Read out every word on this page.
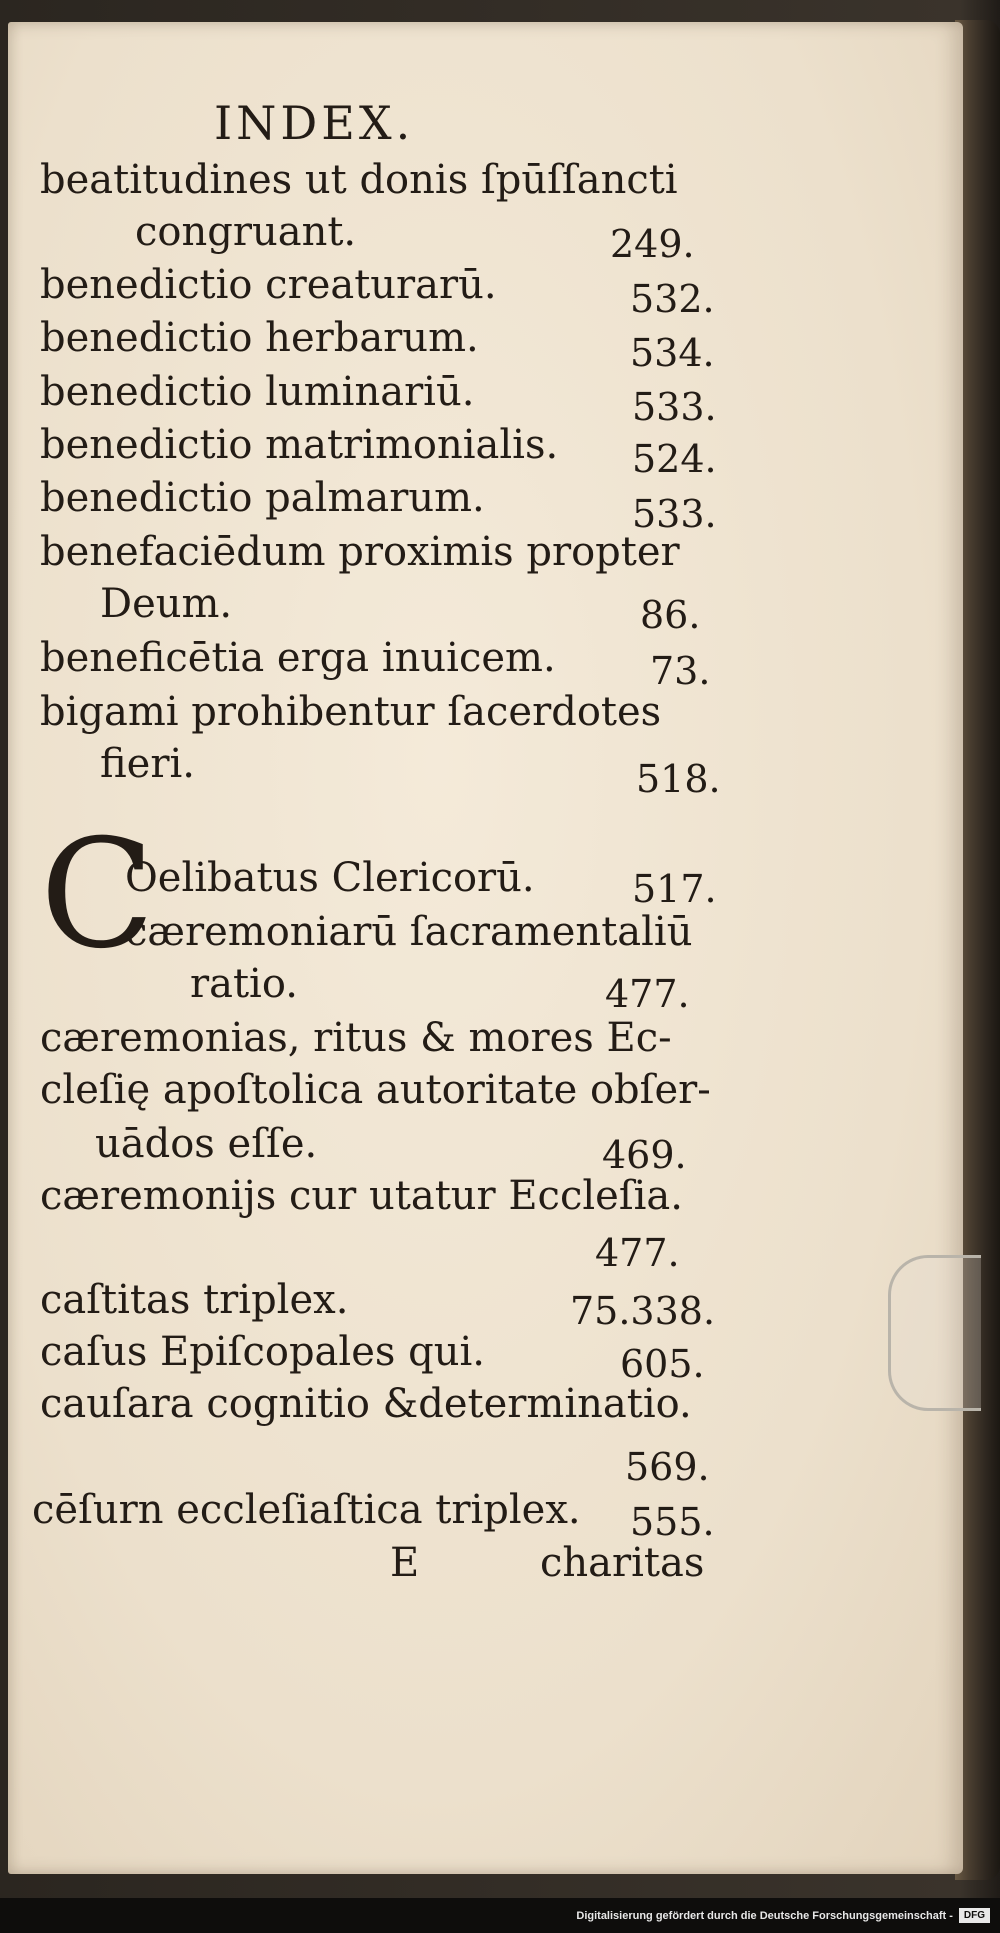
INDEX.
beatitudines ut donis ſpūſſancti
congruant.	249.
benedictio creaturarū.	532.
benedictio herbarum.	534.
benedictio luminariū.	533.
benedictio matrimonialis. 524.
benedictio palmarum.	533.
benefaciēdum proximis propter
Deum.	86.
beneficētia erga inuicem. 73.
bigami prohibentur ſacerdotes
fieri.	518.
C
Oelibatus Clericorū.	517.
cæremoniarū ſacramentaliū
ratio.	477.
cæremonias, ritus & mores Ec-
cleſię apoſtolica autoritate obſer-
uādos eſſe.	469.
cæremonijs cur utatur Eccleſia.
477.
caſtitas triplex.	75.338.
caſus Epiſcopales qui.	605.
cauſara cognitio &determinatio.
569.
cēſurn eccleſiaſtica triplex. 555.
E	charitas
Digitalisierung gefördert durch die Deutsche Forschungsgemeinschaft -	DFG
